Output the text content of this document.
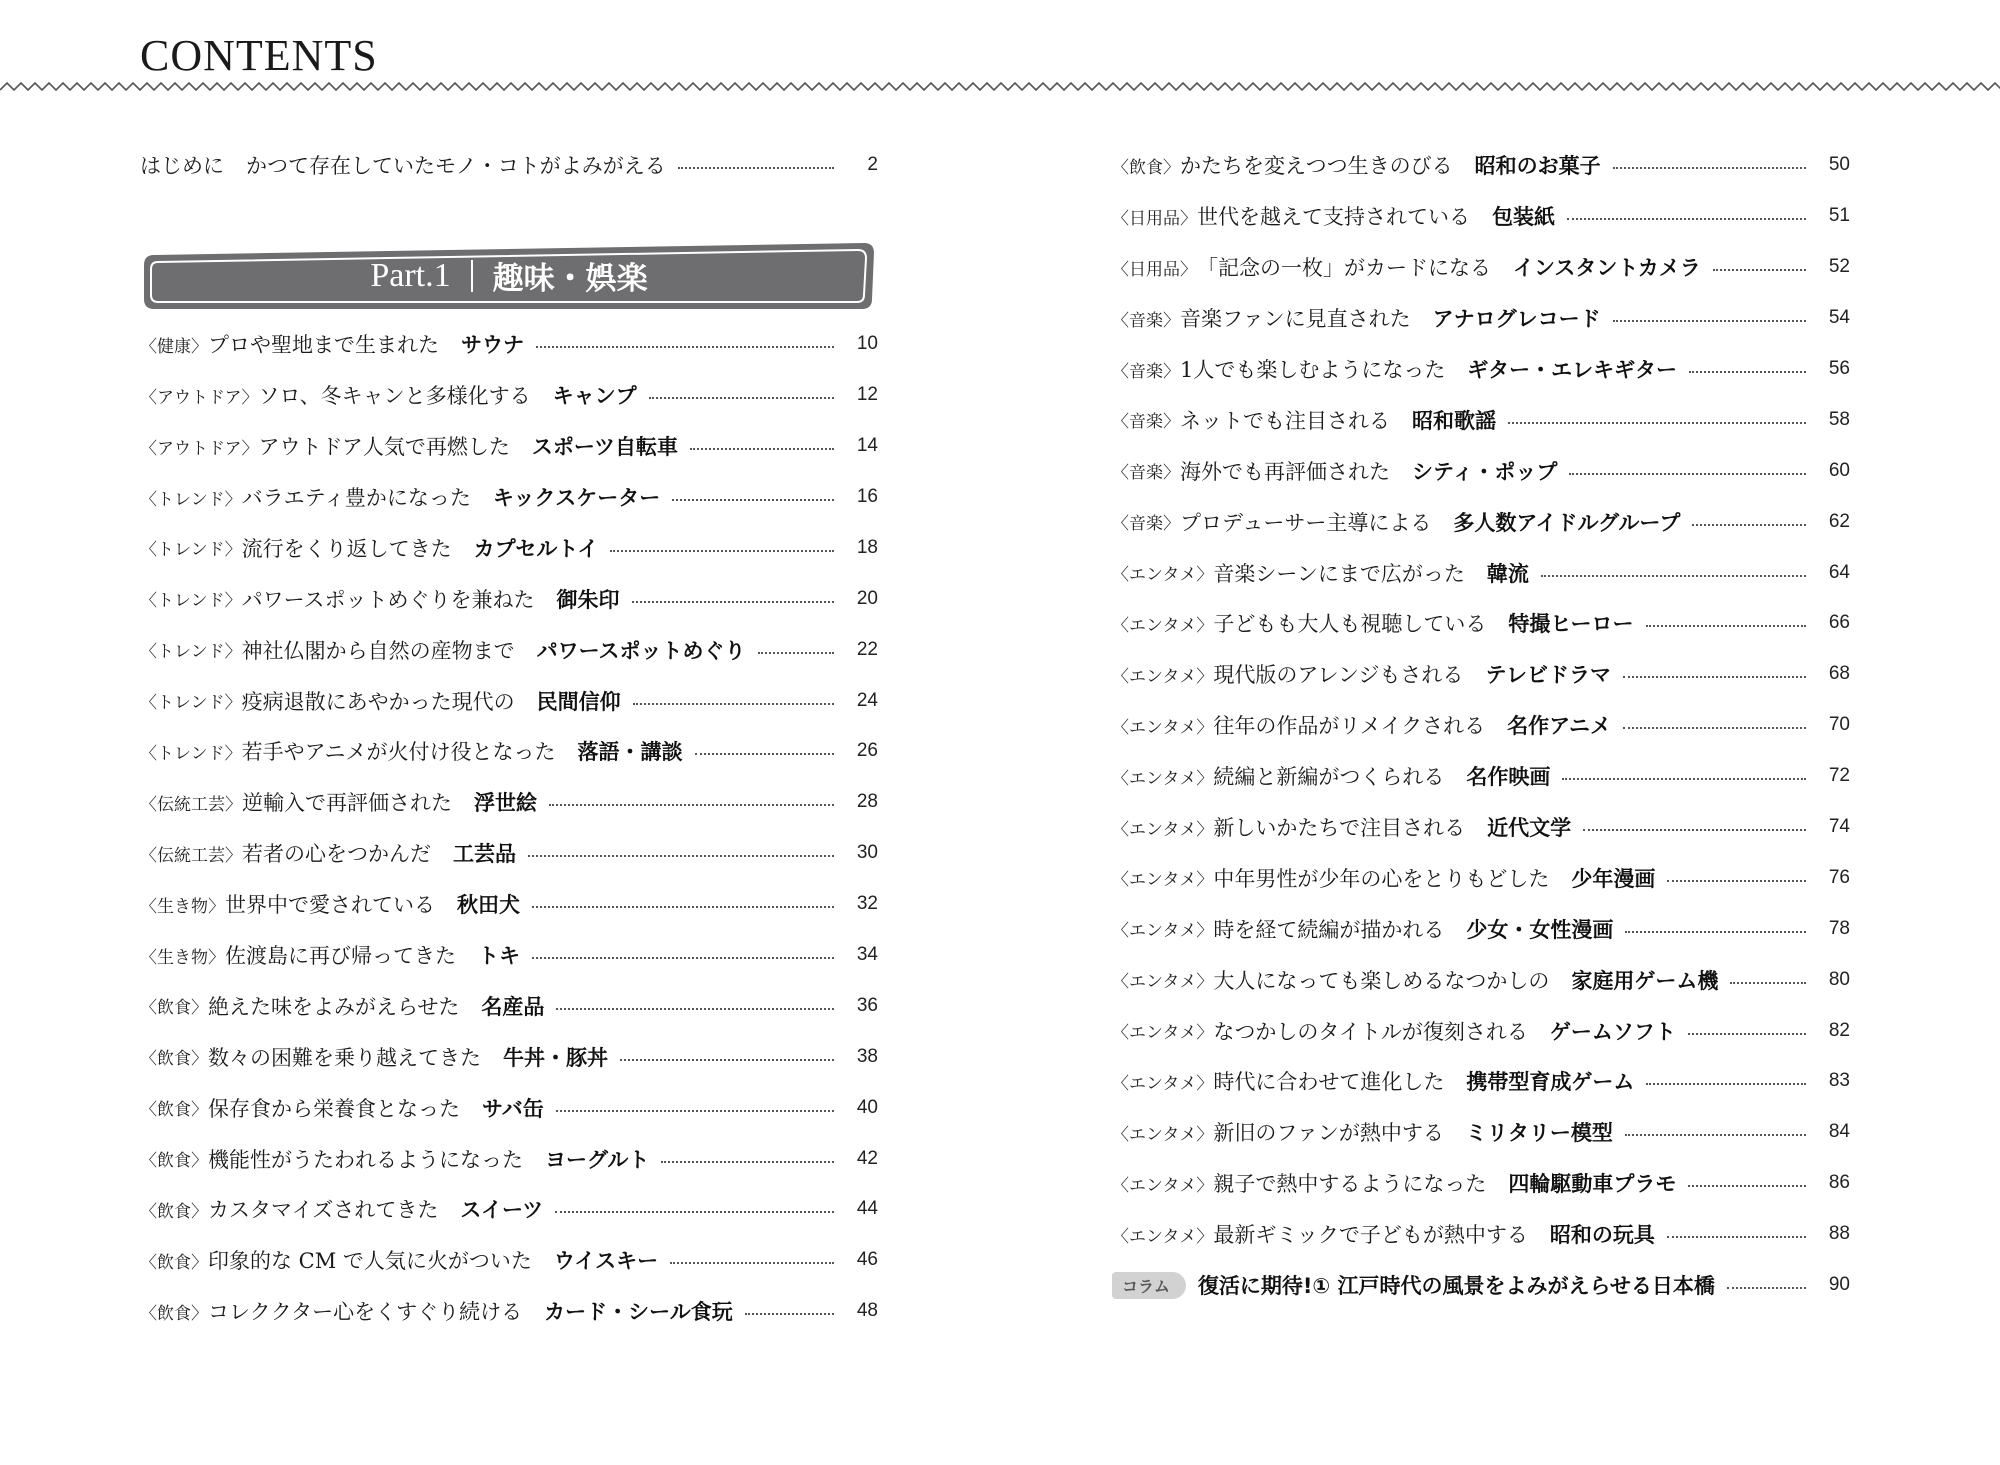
CONTENTS
はじめに かつて存在していたモノ・コトがよみがえる	2
Part.1 趣味・娯楽
〈健康〉 プロや聖地まで生まれた サウナ	10
〈アウトドア〉 ソロ、冬キャンと多様化する キャンプ	12
〈アウトドア〉 アウトドア人気で再燃した スポーツ自転車	14
〈トレンド〉 バラエティ豊かになった キックスケーター	16
〈トレンド〉 流行をくり返してきた カプセルトイ	18
〈トレンド〉 パワースポットめぐりを兼ねた 御朱印	20
〈トレンド〉 神社仏閣から自然の産物まで パワースポットめぐり	22
〈トレンド〉 疫病退散にあやかった現代の 民間信仰	24
〈トレンド〉 若手やアニメが火付け役となった 落語・講談	26
〈伝統工芸〉 逆輸入で再評価された 浮世絵	28
〈伝統工芸〉 若者の心をつかんだ 工芸品	30
〈生き物〉 世界中で愛されている 秋田犬	32
〈生き物〉 佐渡島に再び帰ってきた トキ	34
〈飲食〉 絶えた味をよみがえらせた 名産品	36
〈飲食〉 数々の困難を乗り越えてきた 牛丼・豚丼	38
〈飲食〉 保存食から栄養食となった サバ缶	40
〈飲食〉 機能性がうたわれるようになった ヨーグルト	42
〈飲食〉 カスタマイズされてきた スイーツ	44
〈飲食〉 印象的な CM で人気に火がついた ウイスキー	46
〈飲食〉 コレククター心をくすぐり続ける カード・シール食玩	48
〈飲食〉 かたちを変えつつ生きのびる 昭和のお菓子	50
〈日用品〉 世代を越えて支持されている 包装紙	51
〈日用品〉 「記念の一枚」がカードになる インスタントカメラ	52
〈音楽〉 音楽ファンに見直された アナログレコード	54
〈音楽〉 1人でも楽しむようになった ギター・エレキギター	56
〈音楽〉 ネットでも注目される 昭和歌謡	58
〈音楽〉 海外でも再評価された シティ・ポップ	60
〈音楽〉 プロデューサー主導による 多人数アイドルグループ	62
〈エンタメ〉 音楽シーンにまで広がった 韓流	64
〈エンタメ〉 子どもも大人も視聴している 特撮ヒーロー	66
〈エンタメ〉 現代版のアレンジもされる テレビドラマ	68
〈エンタメ〉 往年の作品がリメイクされる 名作アニメ	70
〈エンタメ〉 続編と新編がつくられる 名作映画	72
〈エンタメ〉 新しいかたちで注目される 近代文学	74
〈エンタメ〉 中年男性が少年の心をとりもどした 少年漫画	76
〈エンタメ〉 時を経て続編が描かれる 少女・女性漫画	78
〈エンタメ〉 大人になっても楽しめるなつかしの 家庭用ゲーム機	80
〈エンタメ〉 なつかしのタイトルが復刻される ゲームソフト	82
〈エンタメ〉 時代に合わせて進化した 携帯型育成ゲーム	83
〈エンタメ〉 新旧のファンが熱中する ミリタリー模型	84
〈エンタメ〉 親子で熱中するようになった 四輪駆動車プラモ	86
〈エンタメ〉 最新ギミックで子どもが熱中する 昭和の玩具	88
コラム	復活に期待!① 江戸時代の風景をよみがえらせる日本橋	90
